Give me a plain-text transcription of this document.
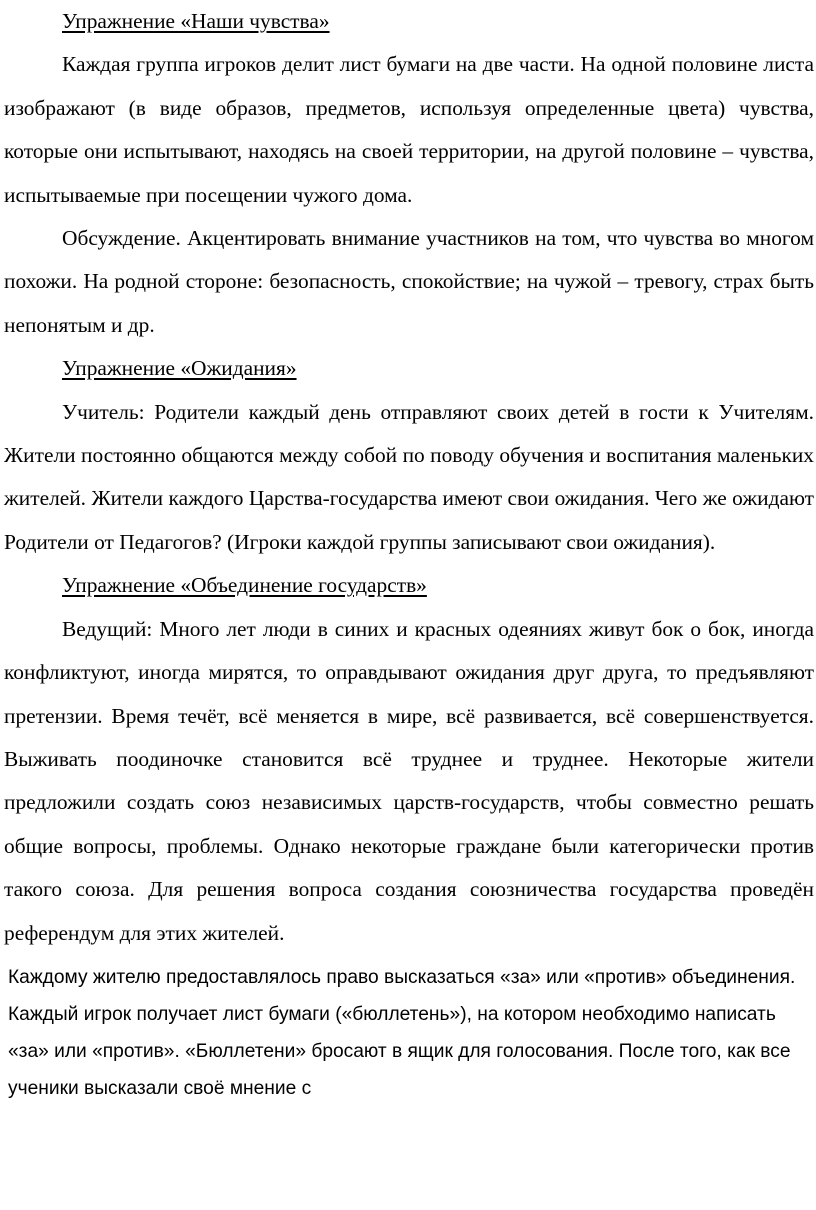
Упражнение «Наши чувства»

Каждая группа игроков делит лист бумаги на две части. На одной половине листа изображают (в виде образов, предметов, используя определенные цвета) чувства, которые они испытывают, находясь на своей территории, на другой половине – чувства, испытываемые при посещении чужого дома.

Обсуждение. Акцентировать внимание участников на том, что чувства во многом похожи. На родной стороне: безопасность, спокойствие; на чужой – тревогу, страх быть непонятым и др.

Упражнение «Ожидания»

Учитель: Родители каждый день отправляют своих детей в гости к Учителям. Жители постоянно общаются между собой по поводу обучения и воспитания маленьких жителей. Жители каждого Царства-государства имеют свои ожидания. Чего же ожидают Родители от Педагогов? (Игроки каждой группы записывают свои ожидания).

Упражнение «Объединение государств»

Ведущий: Много лет люди в синих и красных одеяниях живут бок о бок, иногда конфликтуют, иногда мирятся, то оправдывают ожидания друг друга, то предъявляют претензии. Время течёт, всё меняется в мире, всё развивается, всё совершенствуется. Выживать поодиночке становится всё труднее и труднее. Некоторые жители предложили создать союз независимых царств-государств, чтобы совместно решать общие вопросы, проблемы. Однако некоторые граждане были категорически против такого союза. Для решения вопроса создания союзничества государства проведён референдум для этих жителей.

Каждому жителю предоставлялось право высказаться «за» или «против» объединения. Каждый игрок получает лист бумаги («бюллетень»), на котором необходимо написать «за» или «против». «Бюллетени» бросают в ящик для голосования. После того, как все ученики высказали своё мнение с
